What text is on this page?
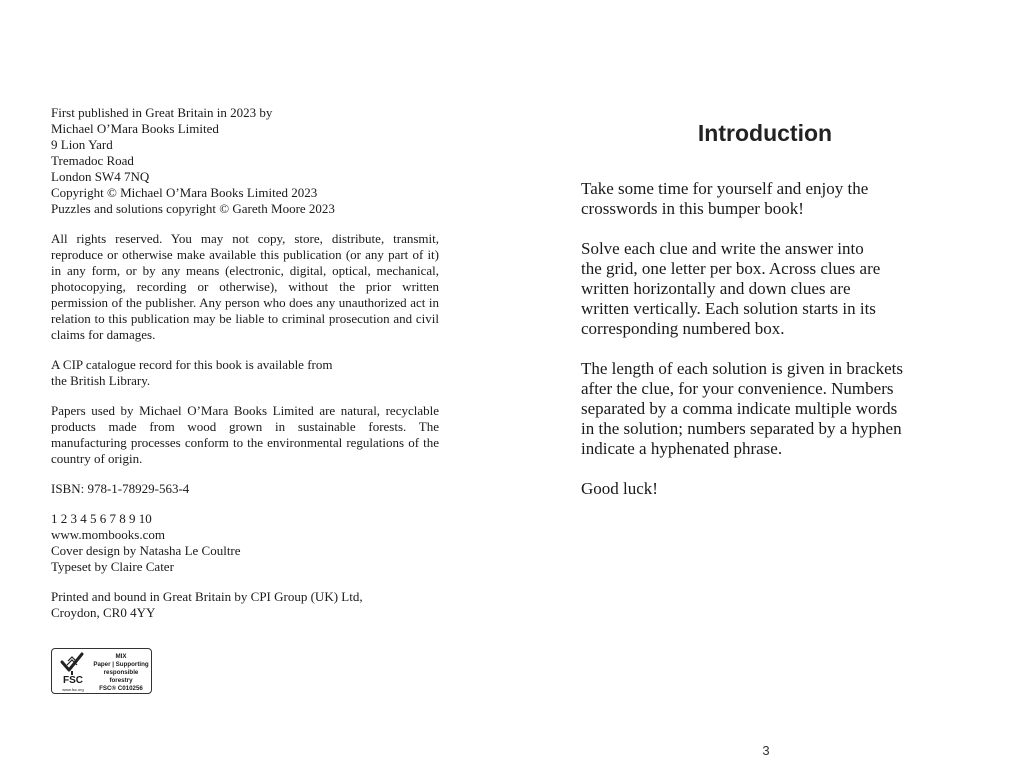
First published in Great Britain in 2023 by
Michael O’Mara Books Limited
9 Lion Yard
Tremadoc Road
London SW4 7NQ
Copyright © Michael O’Mara Books Limited 2023
Puzzles and solutions copyright © Gareth Moore 2023
All rights reserved. You may not copy, store, distribute, transmit, reproduce or otherwise make available this publication (or any part of it) in any form, or by any means (electronic, digital, optical, mechanical, photocopying, recording or otherwise), without the prior written permission of the publisher. Any person who does any unauthorized act in relation to this publication may be liable to criminal prosecution and civil claims for damages.
A CIP catalogue record for this book is available from
the British Library.
Papers used by Michael O’Mara Books Limited are natural, recyclable products made from wood grown in sustainable forests. The manufacturing processes conform to the environmental regulations of the country of origin.
ISBN: 978-1-78929-563-4
1 2 3 4 5 6 7 8 9 10
www.mombooks.com
Cover design by Natasha Le Coultre
Typeset by Claire Cater
Printed and bound in Great Britain by CPI Group (UK) Ltd,
Croydon, CR0 4YY
FSC
www.fsc.org
MIX
Paper | Supporting
responsible forestry
FSC® C010256
Introduction
Take some time for yourself and enjoy the
crosswords in this bumper book!
Solve each clue and write the answer into
the grid, one letter per box. Across clues are
written horizontally and down clues are
written vertically. Each solution starts in its
corresponding numbered box.
The length of each solution is given in brackets
after the clue, for your convenience. Numbers
separated by a comma indicate multiple words
in the solution; numbers separated by a hyphen
indicate a hyphenated phrase.
Good luck!
3
